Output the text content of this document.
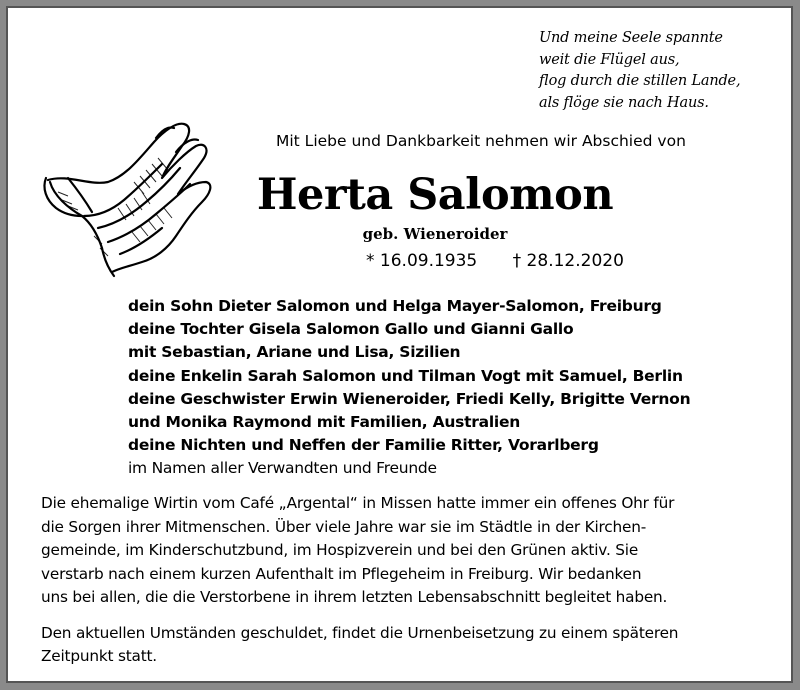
Und meine Seele spannte
weit die Flügel aus,
flog durch die stillen Lande,
als flöge sie nach Haus.
Mit Liebe und Dankbarkeit nehmen wir Abschied von
Herta Salomon
geb. Wieneroider
* 16.09.1935 † 28.12.2020
dein Sohn Dieter Salomon und Helga Mayer-Salomon, Freiburg
deine Tochter Gisela Salomon Gallo und Gianni Gallo
mit Sebastian, Ariane und Lisa, Sizilien
deine Enkelin Sarah Salomon und Tilman Vogt mit Samuel, Berlin
deine Geschwister Erwin Wieneroider, Friedi Kelly, Brigitte Vernon
und Monika Raymond mit Familien, Australien
deine Nichten und Neffen der Familie Ritter, Vorarlberg
im Namen aller Verwandten und Freunde
Die ehemalige Wirtin vom Café „Argental“ in Missen hatte immer ein offenes Ohr für
die Sorgen ihrer Mitmenschen. Über viele Jahre war sie im Städtle in der Kirchen-
gemeinde, im Kinderschutzbund, im Hospizverein und bei den Grünen aktiv. Sie
verstarb nach einem kurzen Aufenthalt im Pflegeheim in Freiburg. Wir bedanken
uns bei allen, die die Verstorbene in ihrem letzten Lebensabschnitt begleitet haben.
Den aktuellen Umständen geschuldet, findet die Urnenbeisetzung zu einem späteren
Zeitpunkt statt.
